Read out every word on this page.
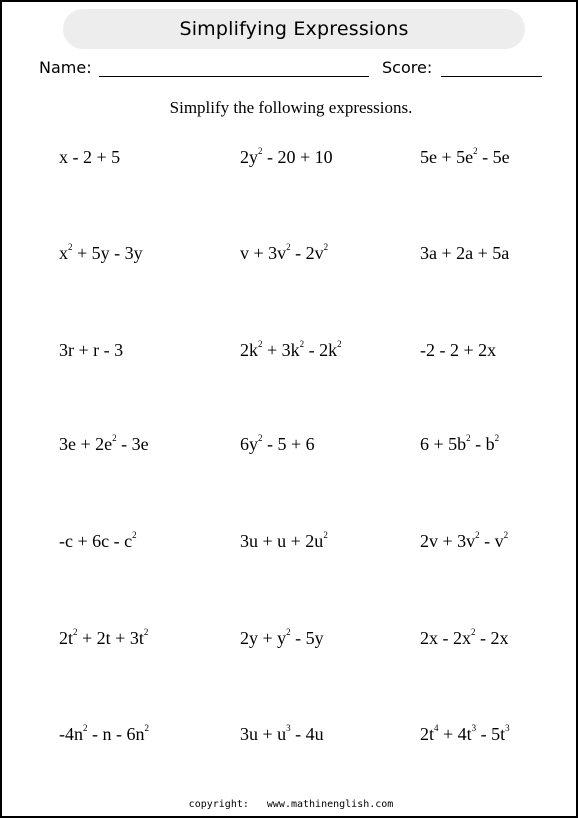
Simplifying Expressions
Name:	Score:
Simplify the following expressions.
x - 2 + 5	$2y^2 - 20 + 10$	$5e + 5e^2 - 5e$
$x^2 + 5y - 3y$	$v + 3v^2 - 2v^2$	3a + 2a + 5a
3r + r - 3	$2k^2 + 3k^2 - 2k^2$	-2 - 2 + 2x
$3e + 2e^2 - 3e$	$6y^2 - 5 + 6$	$6 + 5b^2 - b^2$
$-c + 6c - c^2$	$3u + u + 2u^2$	$2v + 3v^2 - v^2$
$2t^2 + 2t + 3t^2$	$2y + y^2 - 5y$	$2x - 2x^2 - 2x$
$-4n^2$ - n - $6n^2$	$3u + u^3 - 4u$	$2t^4 + 4t^3 - 5t^3$
copyright: www.mathinenglish.com
